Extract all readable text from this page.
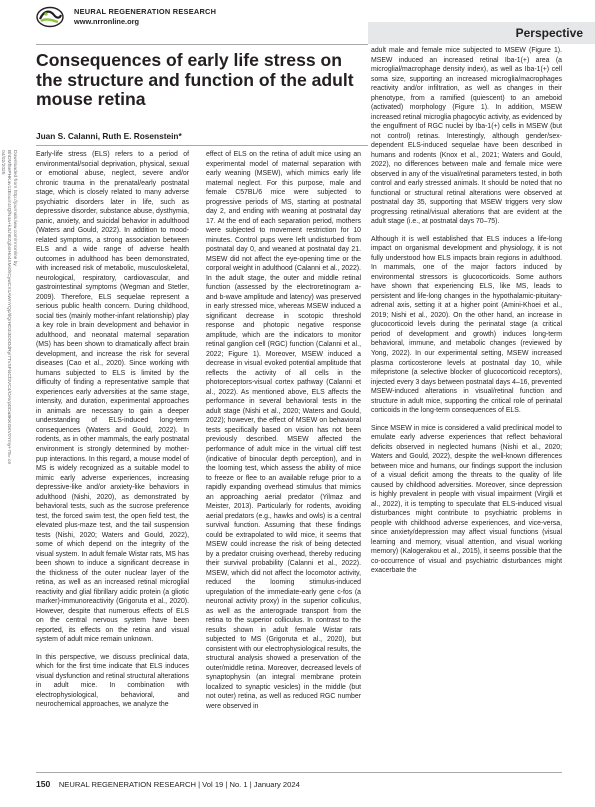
NEURAL REGENERATION RESEARCH
www.nrronline.org
Perspective
Consequences of early life stress on the structure and function of the adult mouse retina
Juan S. Calanni, Ruth E. Rosenstein*
Downloaded from http://journals.lww.com/nrronline by BhDMf5ePHKav1zEoum1tQfN4a+kJLhEZgbsIHo4XMi0hCywCX1AWnYQp/IlQrHD3i3D0OdRyi7TvSFl4Cf3VC4/OAVpDDa8KKGKV0Ymy+78= on 04/02/2025	Early-life stress (ELS) refers to a period of environmental/social deprivation, physical, sexual or emotional abuse, neglect, severe and/or chronic trauma in the prenatal/early postnatal stage, which is closely related to many adverse psychiatric disorders later in life, such as depressive disorder, substance abuse, dysthymia, panic, anxiety, and suicidal behavior in adulthood (Waters and Gould, 2022). In addition to mood-related symptoms, a strong association between ELS and a wide range of adverse health outcomes in adulthood has been demonstrated, with increased risk of metabolic, musculoskeletal, neurological, respiratory, cardiovascular, and gastrointestinal symptoms (Wegman and Stetler, 2009). Therefore, ELS sequelae represent a serious public health concern. During childhood, social ties (mainly mother-infant relationship) play a key role in brain development and behavior in adulthood, and neonatal maternal separation (MS) has been shown to dramatically affect brain development, and increase the risk for several diseases (Cao et al., 2020). Since working with humans subjected to ELS is limited by the difficulty of finding a representative sample that experiences early adversities at the same stage, intensity, and duration, experimental approaches in animals are necessary to gain a deeper understanding of ELS-induced long-term consequences (Waters and Gould, 2022). In rodents, as in other mammals, the early postnatal environment is strongly determined by mother-pup interactions. In this regard, a mouse model of MS is widely recognized as a suitable model to mimic early adverse experiences, increasing depressive-like and/or anxiety-like behaviors in adulthood (Nishi, 2020), as demonstrated by behavioral tests, such as the sucrose preference test, the forced swim test, the open field test, the elevated plus-maze test, and the tail suspension tests (Nishi, 2020; Waters and Gould, 2022), some of which depend on the integrity of the visual system. In adult female Wistar rats, MS has been shown to induce a significant decrease in the thickness of the outer nuclear layer of the retina, as well as an increased retinal microglial reactivity and glial fibrillary acidic protein (a gliotic marker)-immunoreactivity (Grigoruta et al., 2020). However, despite that numerous effects of ELS on the central nervous system have been reported, its effects on the retina and visual system of adult mice remain unknown.

In this perspective, we discuss preclinical data, which for the first time indicate that ELS induces visual dysfunction and retinal structural alterations in adult mice. In combination with electrophysiological, behavioral, and neurochemical approaches, we analyze the

effect of ELS on the retina of adult mice using an experimental model of maternal separation with early weaning (MSEW), which mimics early life maternal neglect. For this purpose, male and female C57BL/6 mice were subjected to progressive periods of MS, starting at postnatal day 2, and ending with weaning at postnatal day 17. At the end of each separation period, mothers were subjected to movement restriction for 10 minutes. Control pups were left undisturbed from postnatal day 0, and weaned at postnatal day 21. MSEW did not affect the eye-opening time or the corporal weight in adulthood (Calanni et al., 2022). In the adult stage, the outer and middle retinal function (assessed by the electroretinogram a- and b-wave amplitude and latency) was preserved in early stressed mice, whereas MSEW induced a significant decrease in scotopic threshold response and photopic negative response amplitude, which are the indicators to monitor retinal ganglion cell (RGC) function (Calanni et al., 2022; Figure 1). Moreover, MSEW induced a decrease in visual evoked potential amplitude that reflects the activity of all cells in the photoreceptors-visual cortex pathway (Calanni et al., 2022). As mentioned above, ELS affects the performance in several behavioral tests in the adult stage (Nishi et al., 2020; Waters and Gould, 2022); however, the effect of MSEW on behavioral tests specifically based on vision has not been previously described. MSEW affected the performance of adult mice in the virtual cliff test (indicative of binocular depth perception), and in the looming test, which assess the ability of mice to freeze or flee to an available refuge prior to a rapidly expanding overhead stimulus that mimics an approaching aerial predator (Yilmaz and Meister, 2013). Particularly for rodents, avoiding aerial predators (e.g., hawks and owls) is a central survival function. Assuming that these findings could be extrapolated to wild mice, it seems that MSEW could increase the risk of being detected by a predator cruising overhead, thereby reducing their survival probability (Calanni et al., 2022). MSEW, which did not affect the locomotor activity, reduced the looming stimulus-induced upregulation of the immediate-early gene c-fos (a neuronal activity proxy) in the superior colliculus, as well as the anterograde transport from the retina to the superior colliculus. In contrast to the results shown in adult female Wistar rats subjected to MS (Grigoruta et al., 2020), but consistent with our electrophysiological results, the structural analysis showed a preservation of the outer/middle retina. Moreover, decreased levels of synaptophysin (an integral membrane protein localized to synaptic vesicles) in the middle (but not outer) retina, as well as reduced RGC number were observed in

adult male and female mice subjected to MSEW (Figure 1). MSEW induced an increased retinal Iba-1(+) area (a microglial/macrophage density index), as well as Iba-1(+) cell soma size, supporting an increased microglia/macrophages reactivity and/or infiltration, as well as changes in their phenotype, from a ramified (quiescent) to an ameboid (activated) morphology (Figure 1). In addition, MSEW increased retinal microglia phagocytic activity, as evidenced by the engulfment of RGC nuclei by Iba-1(+) cells in MSEW (but not control) retinas. Interestingly, although gender/sex-dependent ELS-induced sequelae have been described in humans and rodents (Knox et al., 2021; Waters and Gould, 2022), no differences between male and female mice were observed in any of the visual/retinal parameters tested, in both control and early stressed animals. It should be noted that no functional or structural retinal alterations were observed at postnatal day 35, supporting that MSEW triggers very slow progressing retinal/visual alterations that are evident at the adult stage (i.e., at postnatal days 70–75).

Although it is well established that ELS induces a life-long impact on organismal development and physiology, it is not fully understood how ELS impacts brain regions in adulthood. In mammals, one of the major factors induced by environmental stressors is glucocorticoids. Some authors have shown that experiencing ELS, like MS, leads to persistent and life-long changes in the hypothalamic-pituitary-adrenal axis, setting it at a higher point (Amini-Khoei et al., 2019; Nishi et al., 2020). On the other hand, an increase in glucocorticoid levels during the perinatal stage (a critical period of development and growth) induces long-term behavioral, immune, and metabolic changes (reviewed by Yong, 2022). In our experimental setting, MSEW increased plasma corticosterone levels at postnatal day 10, while mifepristone (a selective blocker of glucocorticoid receptors), injected every 3 days between postnatal days 4–16, prevented MSEW-induced alterations in visual/retinal function and structure in adult mice, supporting the critical role of perinatal corticoids in the long-term consequences of ELS.

Since MSEW in mice is considered a valid preclinical model to emulate early adverse experiences that reflect behavioral deficits observed in neglected humans (Nishi et al., 2020; Waters and Gould, 2022), despite the well-known differences between mice and humans, our findings support the inclusion of a visual deficit among the threats to the quality of life caused by childhood adversities. Moreover, since depression is highly prevalent in people with visual impairment (Virgili et al., 2022), it is tempting to speculate that ELS-induced visual disturbances might contribute to psychiatric problems in people with childhood adverse experiences, and vice-versa, since anxiety/depression may affect visual functions (visual learning and memory, visual attention, and visual working memory) (Kalogerakou et al., 2015), it seems possible that the co-occurrence of visual and psychiatric disturbances might exacerbate the

150 NEURAL REGENERATION RESEARCH | Vol 19 | No. 1 | January 2024
